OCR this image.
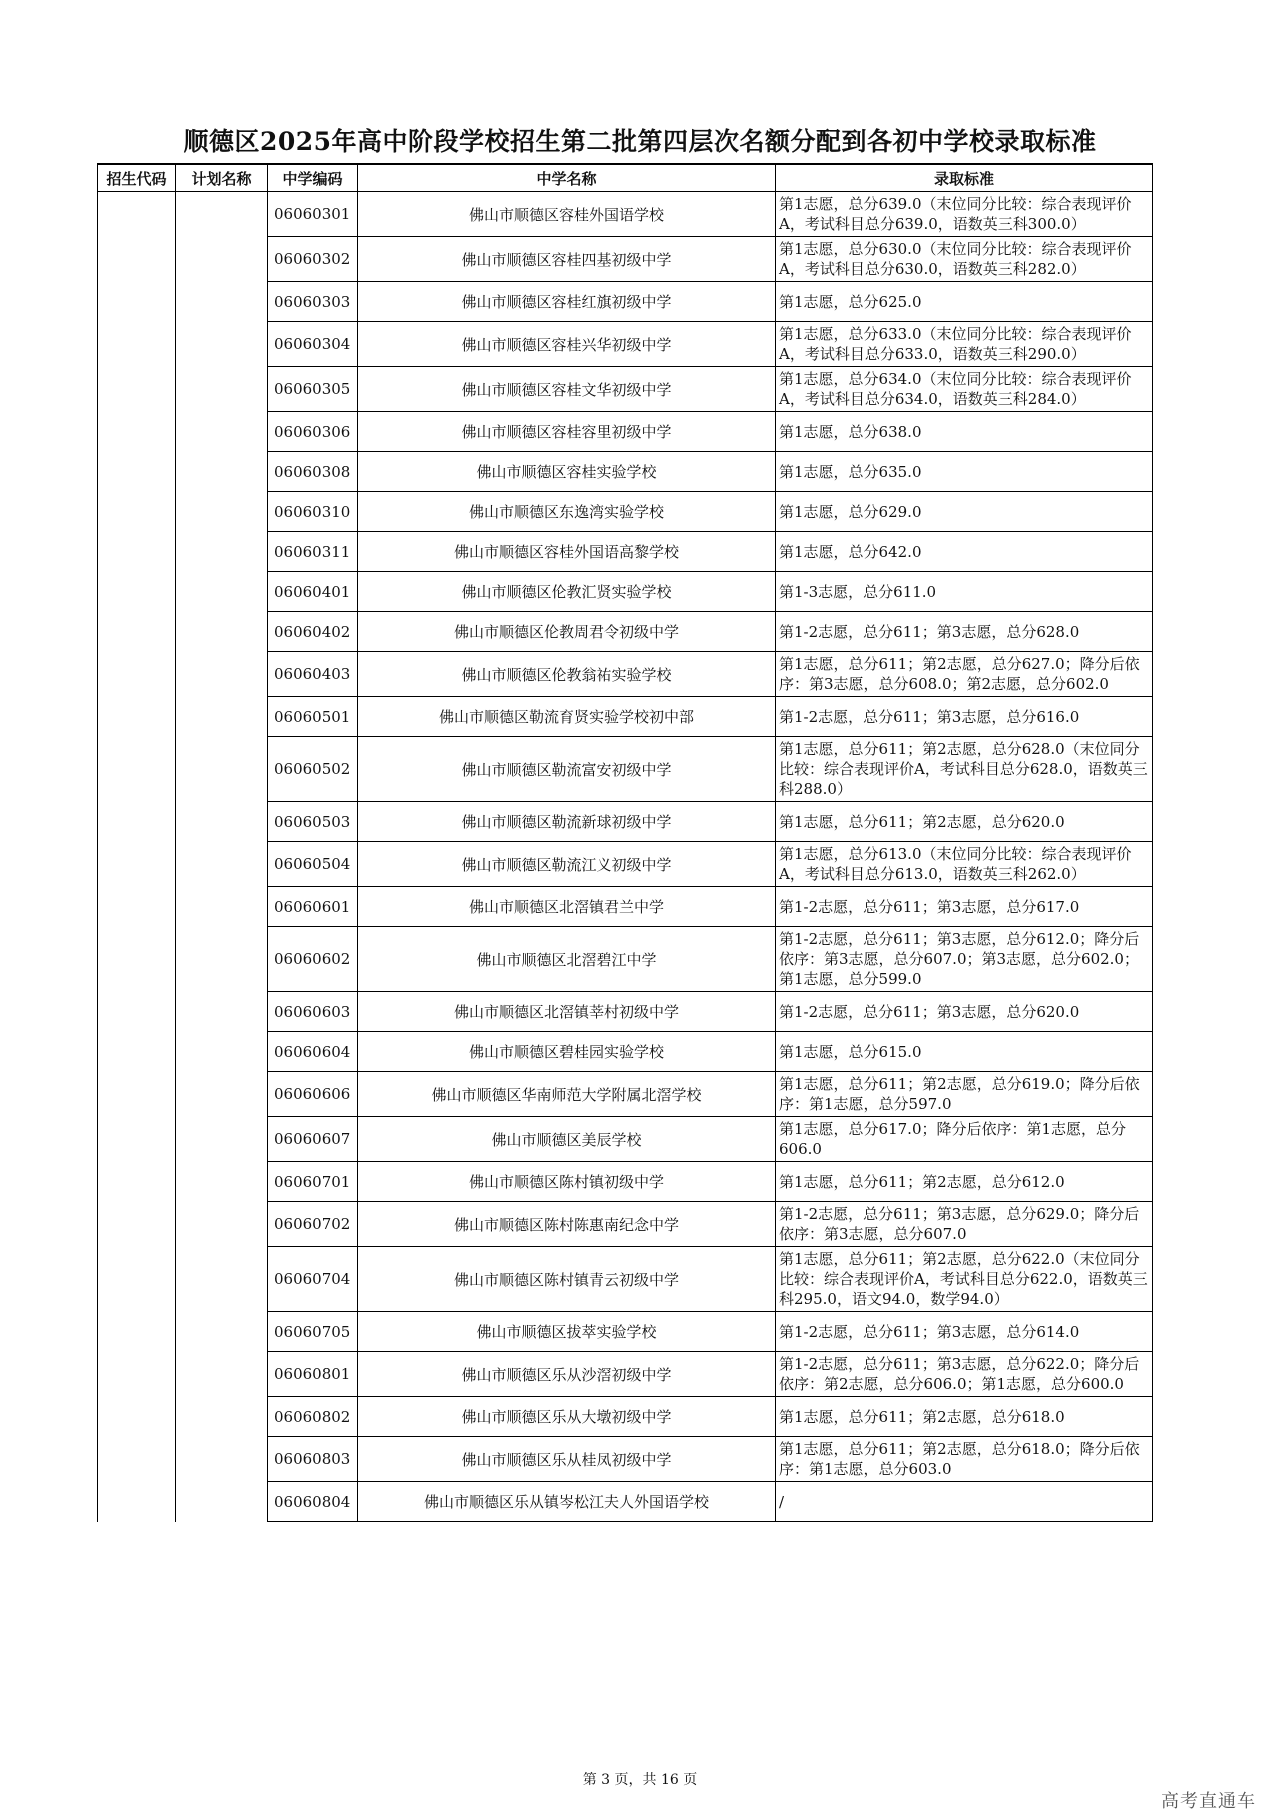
顺德区2025年高中阶段学校招生第二批第四层次名额分配到各初中学校录取标准
招生代码	计划名称	中学编码	中学名称	录取标准
		06060301	佛山市顺德区容桂外国语学校	第1志愿，总分639.0（末位同分比较：综合表现评价A，考试科目总分639.0，语数英三科300.0）
		06060302	佛山市顺德区容桂四基初级中学	第1志愿，总分630.0（末位同分比较：综合表现评价A，考试科目总分630.0，语数英三科282.0）
		06060303	佛山市顺德区容桂红旗初级中学	第1志愿，总分625.0
		06060304	佛山市顺德区容桂兴华初级中学	第1志愿，总分633.0（末位同分比较：综合表现评价A，考试科目总分633.0，语数英三科290.0）
		06060305	佛山市顺德区容桂文华初级中学	第1志愿，总分634.0（末位同分比较：综合表现评价A，考试科目总分634.0，语数英三科284.0）
		06060306	佛山市顺德区容桂容里初级中学	第1志愿，总分638.0
		06060308	佛山市顺德区容桂实验学校	第1志愿，总分635.0
		06060310	佛山市顺德区东逸湾实验学校	第1志愿，总分629.0
		06060311	佛山市顺德区容桂外国语高黎学校	第1志愿，总分642.0
		06060401	佛山市顺德区伦教汇贤实验学校	第1-3志愿，总分611.0
		06060402	佛山市顺德区伦教周君令初级中学	第1-2志愿，总分611；第3志愿，总分628.0
		06060403	佛山市顺德区伦教翁祐实验学校	第1志愿，总分611；第2志愿，总分627.0；降分后依序：第3志愿，总分608.0；第2志愿，总分602.0
		06060501	佛山市顺德区勒流育贤实验学校初中部	第1-2志愿，总分611；第3志愿，总分616.0
		06060502	佛山市顺德区勒流富安初级中学	第1志愿，总分611；第2志愿，总分628.0（末位同分比较：综合表现评价A，考试科目总分628.0，语数英三科288.0）
		06060503	佛山市顺德区勒流新球初级中学	第1志愿，总分611；第2志愿，总分620.0
		06060504	佛山市顺德区勒流江义初级中学	第1志愿，总分613.0（末位同分比较：综合表现评价A，考试科目总分613.0，语数英三科262.0）
		06060601	佛山市顺德区北滘镇君兰中学	第1-2志愿，总分611；第3志愿，总分617.0
		06060602	佛山市顺德区北滘碧江中学	第1-2志愿，总分611；第3志愿，总分612.0；降分后依序：第3志愿，总分607.0；第3志愿，总分602.0；第1志愿，总分599.0
		06060603	佛山市顺德区北滘镇莘村初级中学	第1-2志愿，总分611；第3志愿，总分620.0
		06060604	佛山市顺德区碧桂园实验学校	第1志愿，总分615.0
		06060606	佛山市顺德区华南师范大学附属北滘学校	第1志愿，总分611；第2志愿，总分619.0；降分后依序：第1志愿，总分597.0
		06060607	佛山市顺德区美辰学校	第1志愿，总分617.0；降分后依序：第1志愿，总分606.0
		06060701	佛山市顺德区陈村镇初级中学	第1志愿，总分611；第2志愿，总分612.0
		06060702	佛山市顺德区陈村陈惠南纪念中学	第1-2志愿，总分611；第3志愿，总分629.0；降分后依序：第3志愿，总分607.0
		06060704	佛山市顺德区陈村镇青云初级中学	第1志愿，总分611；第2志愿，总分622.0（末位同分比较：综合表现评价A，考试科目总分622.0，语数英三科295.0，语文94.0，数学94.0）
		06060705	佛山市顺德区拔萃实验学校	第1-2志愿，总分611；第3志愿，总分614.0
		06060801	佛山市顺德区乐从沙滘初级中学	第1-2志愿，总分611；第3志愿，总分622.0；降分后依序：第2志愿，总分606.0；第1志愿，总分600.0
		06060802	佛山市顺德区乐从大墩初级中学	第1志愿，总分611；第2志愿，总分618.0
		06060803	佛山市顺德区乐从桂凤初级中学	第1志愿，总分611；第2志愿，总分618.0；降分后依序：第1志愿，总分603.0
		06060804	佛山市顺德区乐从镇岑松江夫人外国语学校	/
第 3 页，共 16 页
高考直通车
